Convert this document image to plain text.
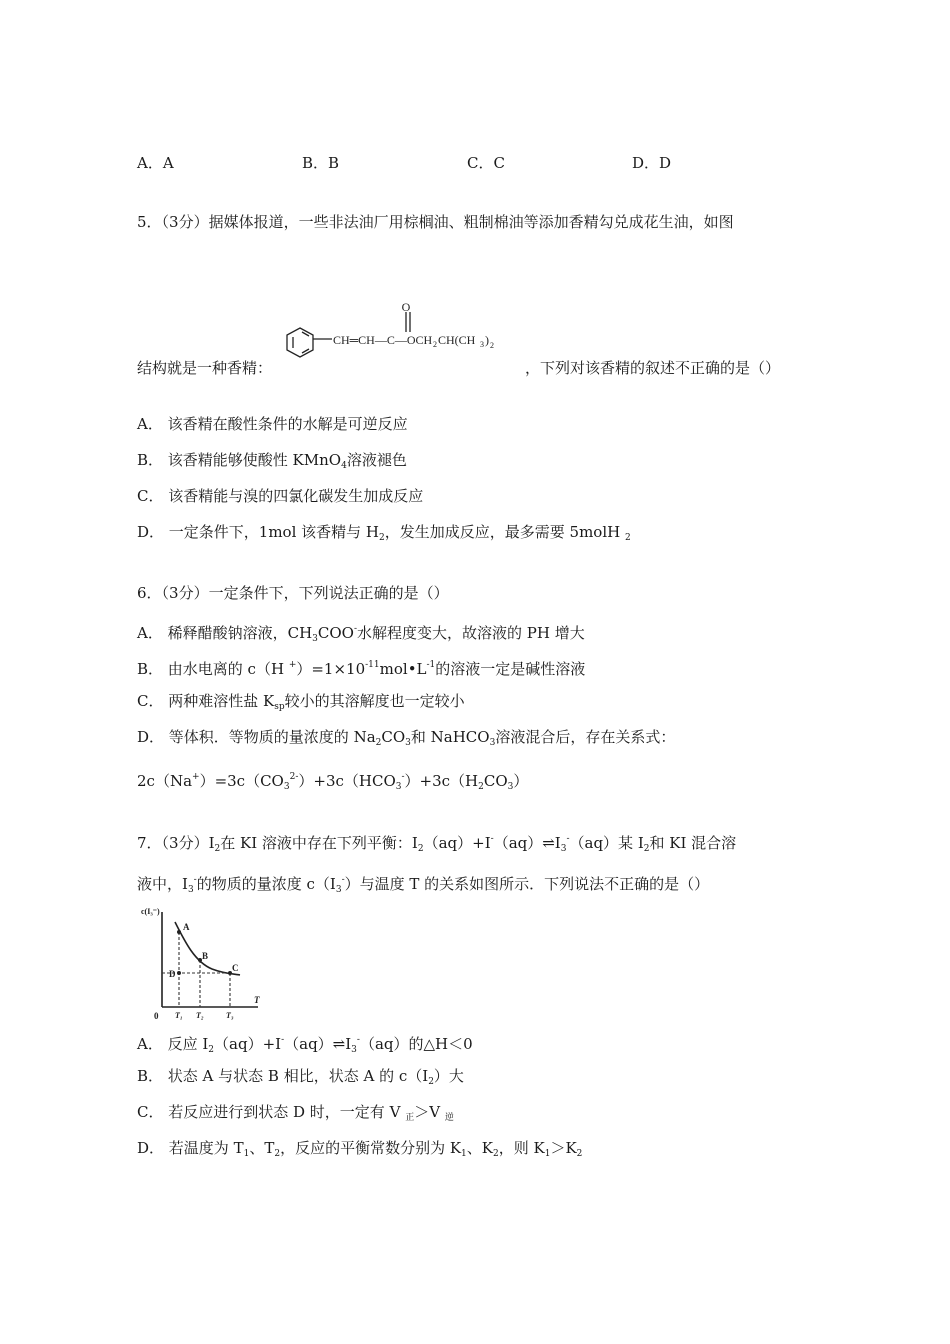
A．A	B．B	C．C	D．D
5．（3分）据媒体报道，一些非法油厂用棕榈油、粗制棉油等添加香精勾兑成花生油，如图
结构就是一种香精：
O
CH═CH—C—OCH 2 CH(CH 3 ) 2
，下列对该香精的叙述不正确的是（）
A． 该香精在酸性条件的水解是可逆反应
B． 该香精能够使酸性 KMnO$_4$溶液褪色
C． 该香精能与溴的四氯化碳发生加成反应
D． 一定条件下，1mol 该香精与 $H_2$，发生加成反应，最多需要 5molH $_2$
6．（3分）一定条件下，下列说法正确的是（）
A． 稀释醋酸钠溶液，$CH_3COO^-$水解程度变大，故溶液的 PH 增大
B． 由水电离的 c（H $^+)=1\times 10^{-11}mol•L^{-1}$的溶液一定是碱性溶液
C． 两种难溶性盐 $K_{sp}$较小的其溶解度也一定较小
D． 等体积．等物质的量浓度的 $Na_2CO_3$和 NaHCO$_3$溶液混合后，存在关系式：
$2c(Na^+)=3c(CO_3^{2-})+3c(HCO_3^-)+3c(H_2CO_3)$
7．（3分）$I_2$在 KI 溶液中存在下列平衡：$I_2(aq)+I^-(aq)\rightleftharpoons I_3^-(aq)$某 $I_2$和 KI 混合溶
液中，$I_3^-$的物质的量浓度 $c(I_3^-)$与温度 T 的关系如图所示．下列说法不正确的是（）
c(I₃⁻)
T
0
A
B
C
D
T₁ T₂	T₃
A． 反应 $I_2(aq)+I^-(aq)\rightleftharpoons I_3^-(aq)$的△H＜0
B． 状态 A 与状态 B 相比，状态 A 的 $c(I_2)$大
C． 若反应进行到状态 D 时，一定有 V $_正$＞V $_逆$
D． 若温度为 $T_1$、$T_2$，反应的平衡常数分别为 $K_1$、$K_2$，则 $K_1>K_2$
